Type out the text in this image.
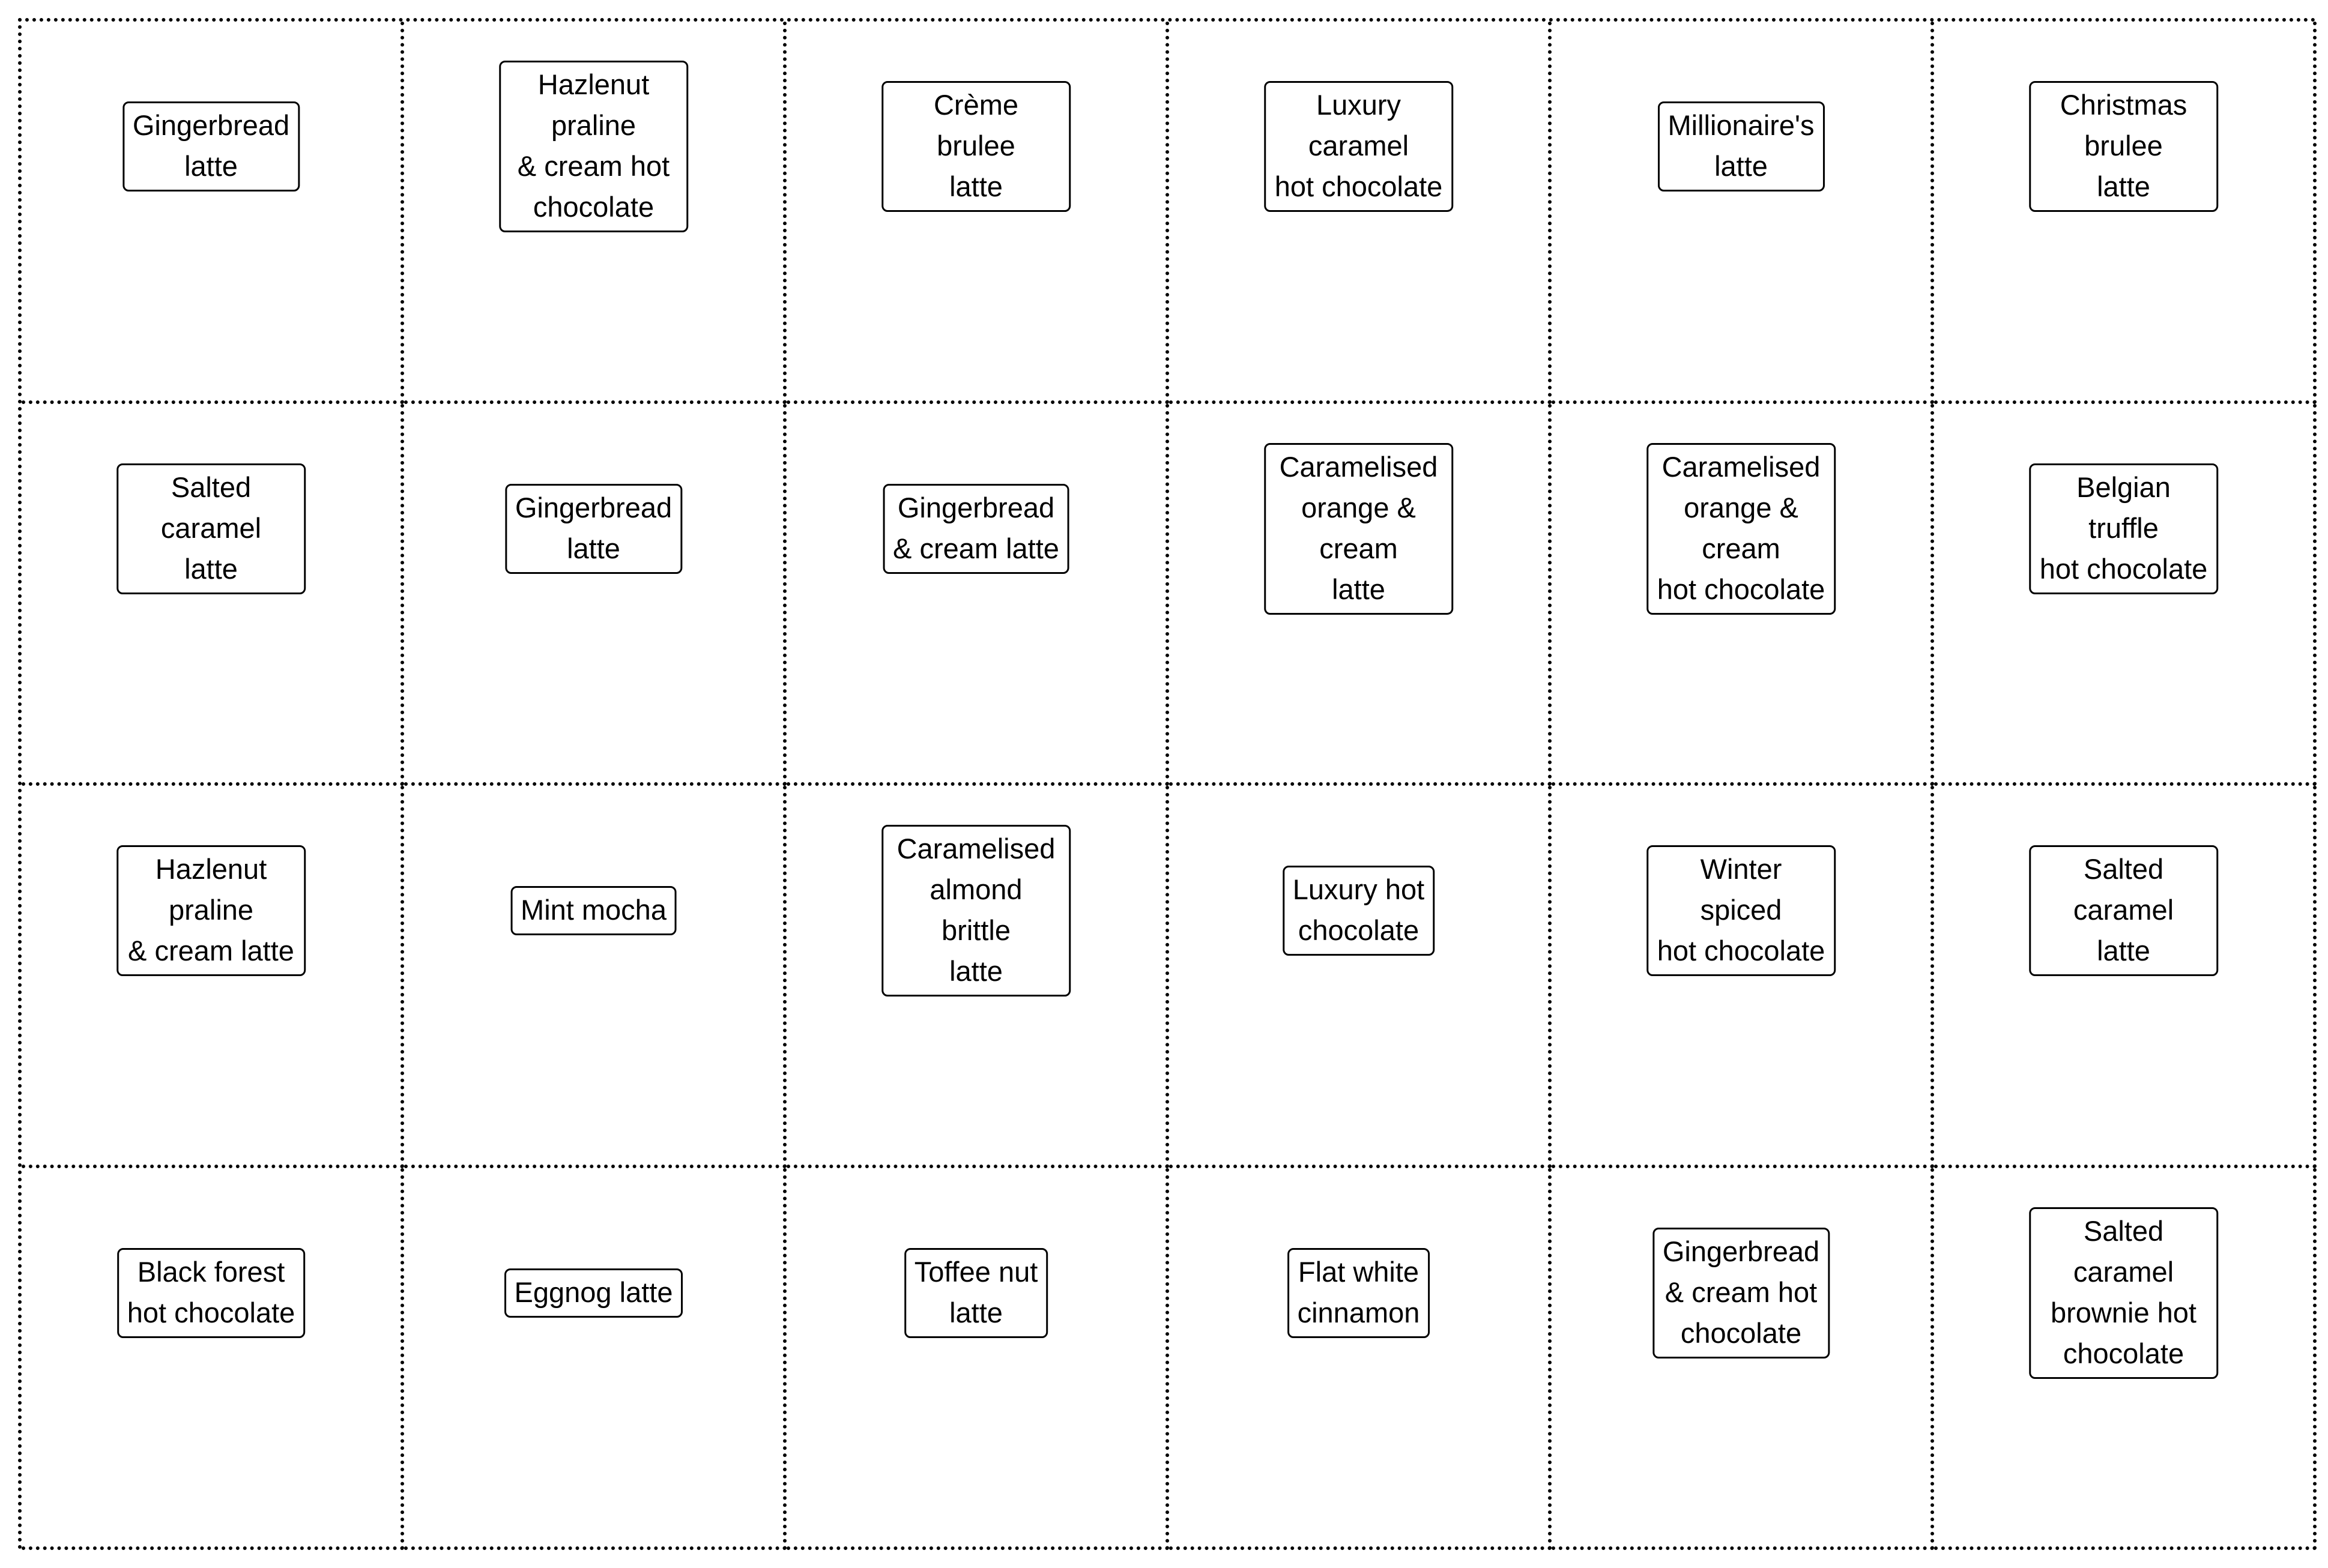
Gingerbread
latte
Hazlenut praline
& cream hot
chocolate
Crème brulee
latte
Luxury caramel
hot chocolate
Millionaire's
latte
Christmas brulee
latte
Salted caramel
latte
Gingerbread
latte
Gingerbread
& cream latte
Caramelised
orange & cream
latte
Caramelised
orange & cream
hot chocolate
Belgian truffle
hot chocolate
Hazlenut praline
& cream latte
Mint mocha
Caramelised
almond brittle
latte
Luxury hot
chocolate
Winter spiced
hot chocolate
Salted caramel
latte
Black forest
hot chocolate
Eggnog latte
Toffee nut
latte
Flat white
cinnamon
Gingerbread
& cream hot
chocolate
Salted caramel
brownie hot
chocolate
